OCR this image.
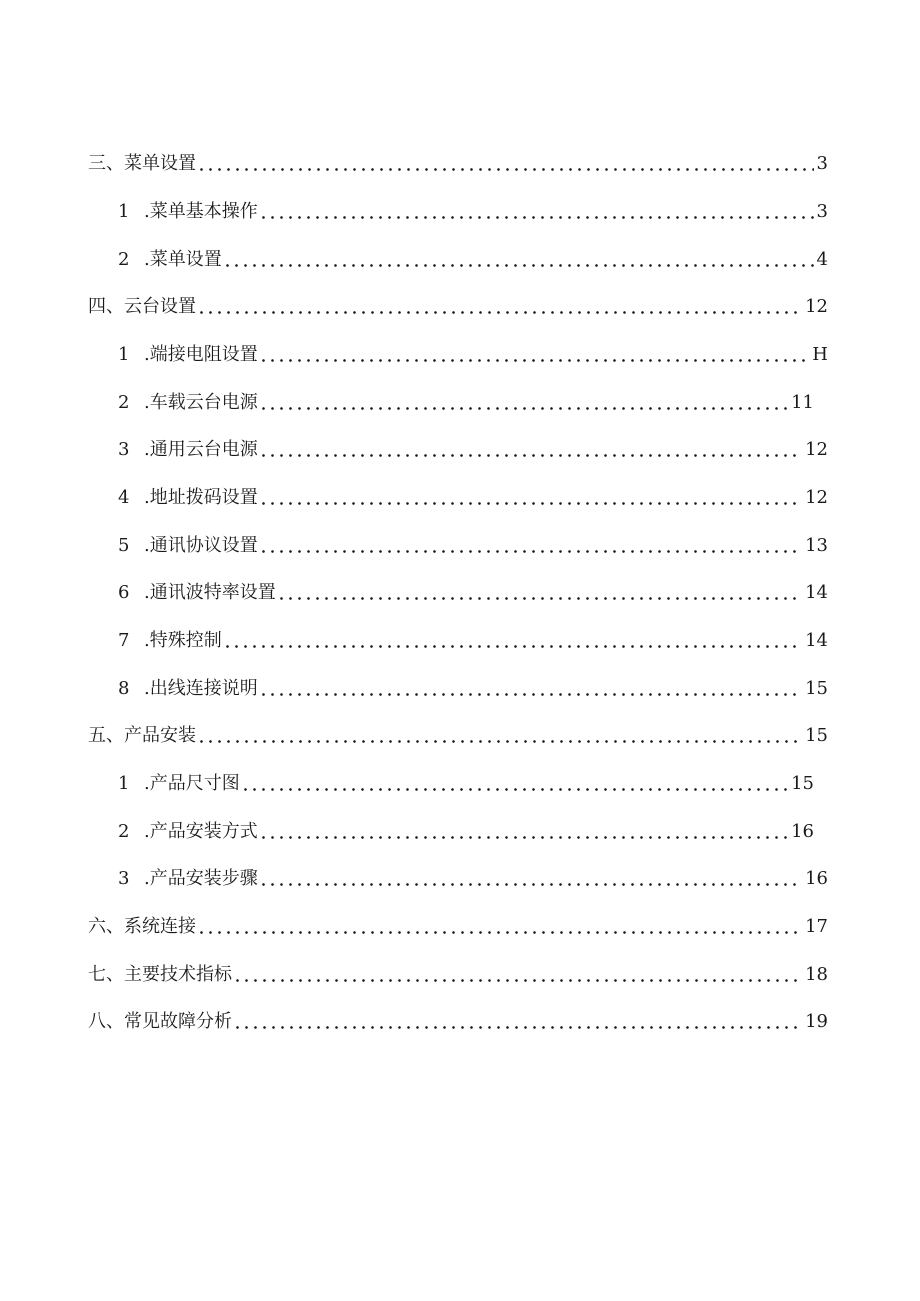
三、 菜单设置	3
1 .菜单基本操作	3
2 .菜单设置	4
四、 云台设置	12
1 .端接电阻设置	H
2 .车载云台电源	11
3 .通用云台电源	12
4 .地址拨码设置	12
5 .通讯协议设置	13
6 .通讯波特率设置	14
7 .特殊控制	14
8 .出线连接说明	15
五、 产品安装	15
1 .产品尺寸图	15
2 .产品安装方式	16
3 .产品安装步骤	16
六、 系统连接	17
七、 主要技术指标	18
八、 常见故障分析	19
